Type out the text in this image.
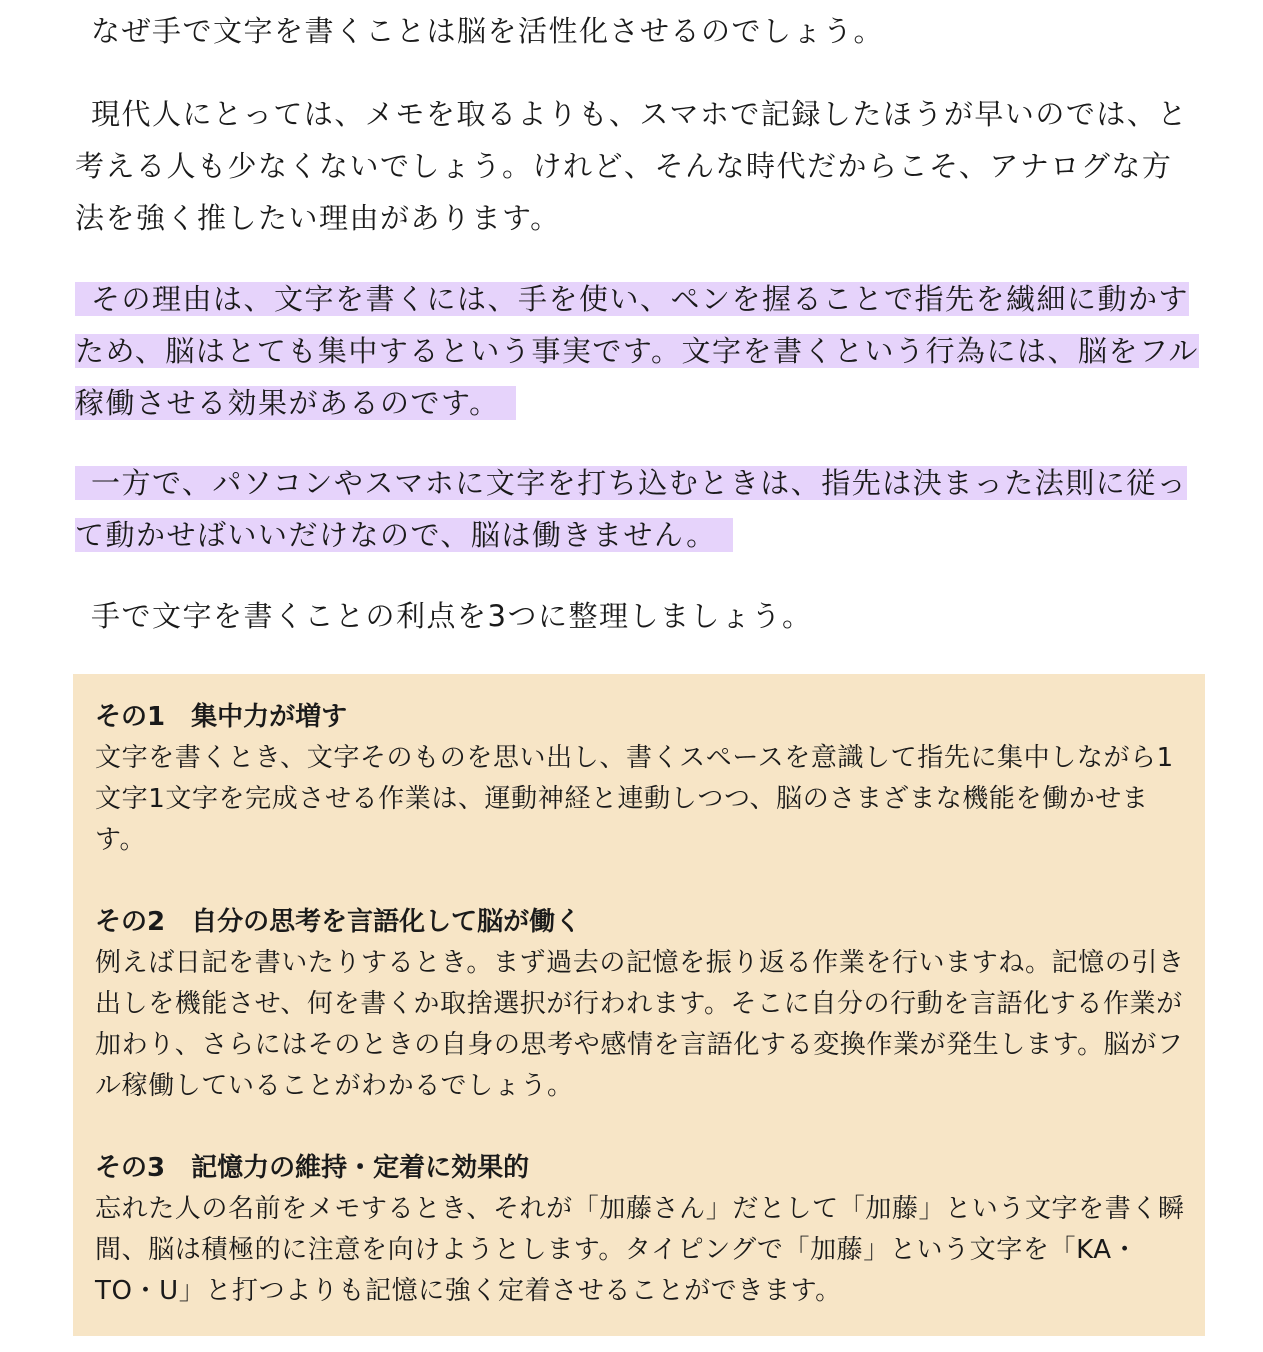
なぜ手で文字を書くことは脳を活性化させるのでしょう。

現代人にとっては、メモを取るよりも、スマホで記録したほうが早いのでは、と考える人も少なくないでしょう。けれど、そんな時代だからこそ、アナログな方法を強く推したい理由があります。

その理由は、文字を書くには、手を使い、ペンを握ることで指先を繊細に動かすため、脳はとても集中するという事実です。文字を書くという行為には、脳をフル稼働させる効果があるのです。　

一方で、パソコンやスマホに文字を打ち込むときは、指先は決まった法則に従って動かせばいいだけなので、脳は働きません。　

手で文字を書くことの利点を3つに整理しましょう。

その1　集中力が増す

文字を書くとき、文字そのものを思い出し、書くスペースを意識して指先に集中しながら1文字1文字を完成させる作業は、運動神経と連動しつつ、脳のさまざまな機能を働かせます。

その2　自分の思考を言語化して脳が働く

例えば日記を書いたりするとき。まず過去の記憶を振り返る作業を行いますね。記憶の引き出しを機能させ、何を書くか取捨選択が行われます。そこに自分の行動を言語化する作業が加わり、さらにはそのときの自身の思考や感情を言語化する変換作業が発生します。脳がフル稼働していることがわかるでしょう。

その3　記憶力の維持・定着に効果的

忘れた人の名前をメモするとき、それが「加藤さん」だとして「加藤」という文字を書く瞬間、脳は積極的に注意を向けようとします。タイピングで「加藤」という文字を「KA・TO・U」と打つよりも記憶に強く定着させることができます。
